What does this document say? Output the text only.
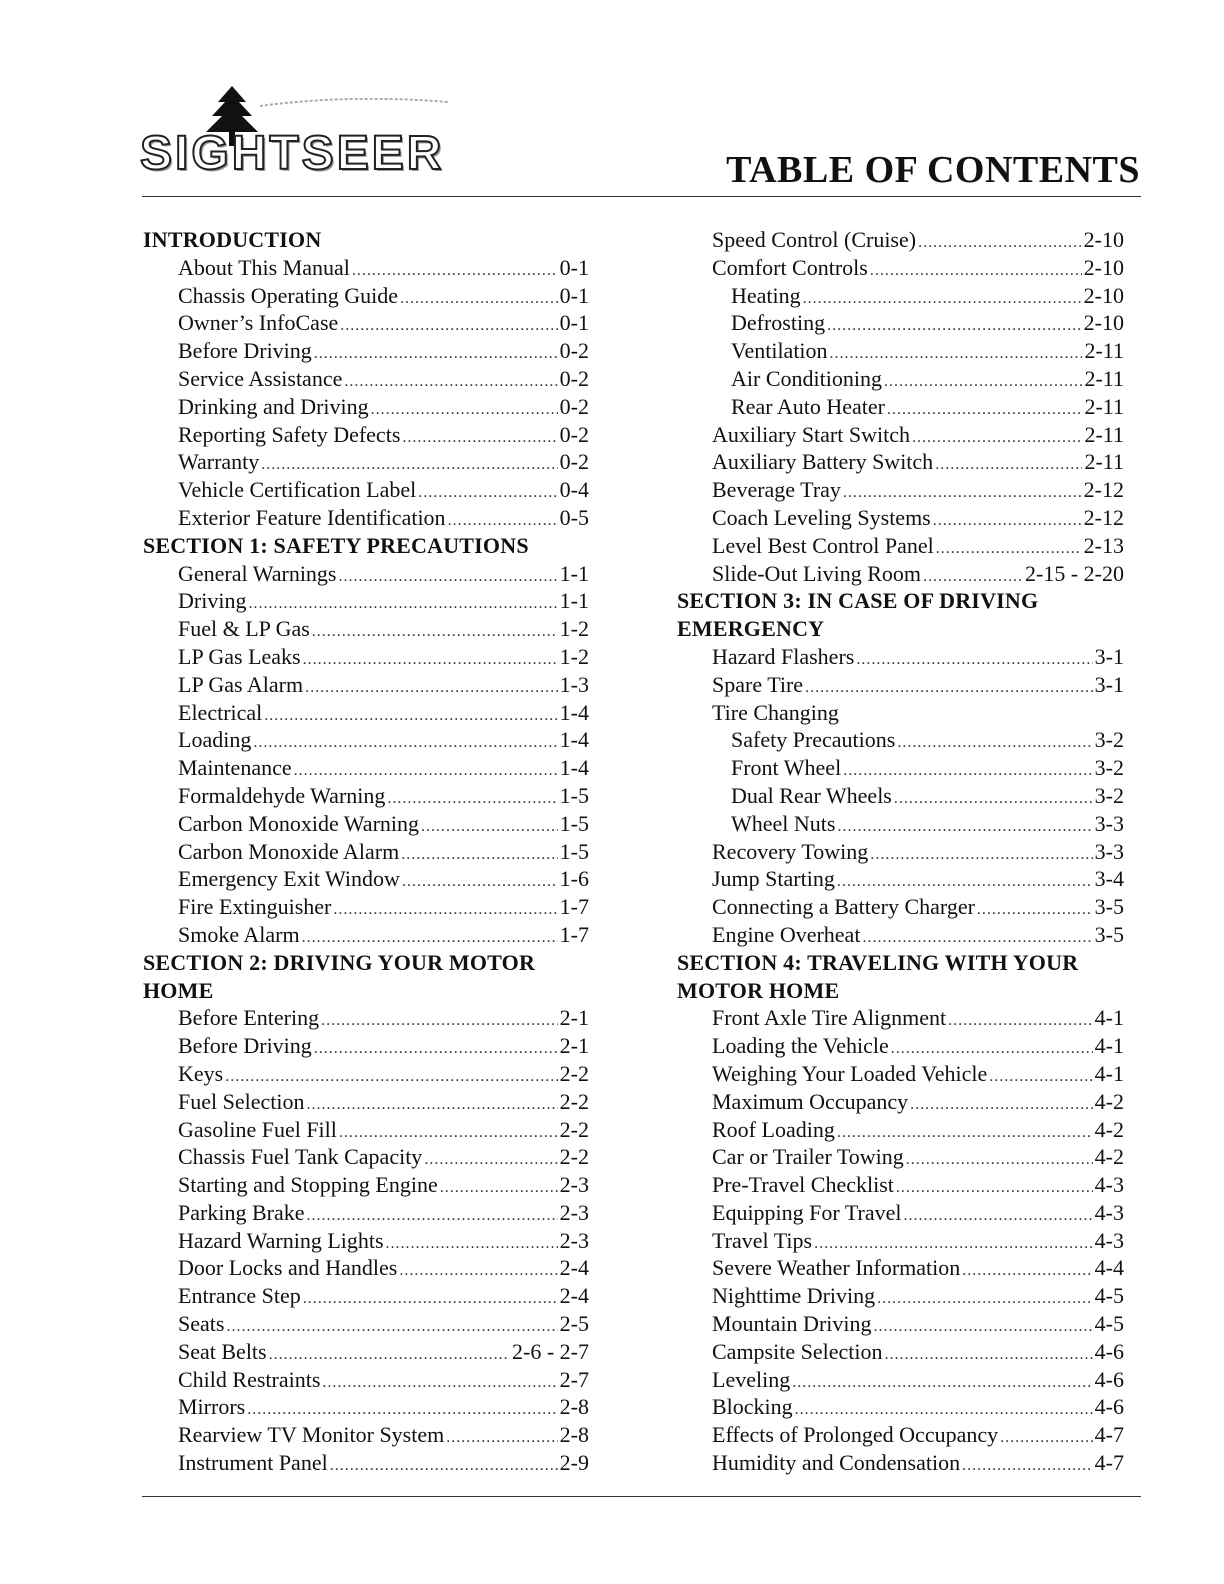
SIGHTSEER	TABLE OF CONTENTS
INTRODUCTION
About This Manual .....	0-1
Chassis Operating Guide .....	0-1
Owner’s InfoCase .....	0-1
Before Driving .....	0-2
Service Assistance .....	0-2
Drinking and Driving .....	0-2
Reporting Safety Defects .....	0-2
Warranty .....	0-2
Vehicle Certification Label .....	0-4
Exterior Feature Identification .....	0-5
SECTION 1: SAFETY PRECAUTIONS
General Warnings .....	1-1
Driving .....	1-1
Fuel & LP Gas .....	1-2
LP Gas Leaks .....	1-2
LP Gas Alarm .....	1-3
Electrical .....	1-4
Loading .....	1-4
Maintenance .....	1-4
Formaldehyde Warning .....	1-5
Carbon Monoxide Warning .....	1-5
Carbon Monoxide Alarm .....	1-5
Emergency Exit Window .....	1-6
Fire Extinguisher .....	1-7
Smoke Alarm .....	1-7
SECTION 2: DRIVING YOUR MOTOR
HOME
Before Entering .....	2-1
Before Driving .....	2-1
Keys .....	2-2
Fuel Selection .....	2-2
Gasoline Fuel Fill .....	2-2
Chassis Fuel Tank Capacity .....	2-2
Starting and Stopping Engine .....	2-3
Parking Brake .....	2-3
Hazard Warning Lights .....	2-3
Door Locks and Handles .....	2-4
Entrance Step .....	2-4
Seats .....	2-5
Seat Belts .....	2-6 - 2-7
Child Restraints .....	2-7
Mirrors .....	2-8
Rearview TV Monitor System .....	2-8
Instrument Panel .....	2-9
Speed Control (Cruise) .....	2-10
Comfort Controls .....	2-10
Heating .....	2-10
Defrosting .....	2-10
Ventilation .....	2-11
Air Conditioning .....	2-11
Rear Auto Heater .....	2-11
Auxiliary Start Switch .....	2-11
Auxiliary Battery Switch .....	2-11
Beverage Tray .....	2-12
Coach Leveling Systems .....	2-12
Level Best Control Panel .....	2-13
Slide-Out Living Room .....	2-15 - 2-20
SECTION 3: IN CASE OF DRIVING
EMERGENCY
Hazard Flashers .....	3-1
Spare Tire .....	3-1
Tire Changing
Safety Precautions .....	3-2
Front Wheel .....	3-2
Dual Rear Wheels .....	3-2
Wheel Nuts .....	3-3
Recovery Towing .....	3-3
Jump Starting .....	3-4
Connecting a Battery Charger .....	3-5
Engine Overheat .....	3-5
SECTION 4: TRAVELING WITH YOUR
MOTOR HOME
Front Axle Tire Alignment .....	4-1
Loading the Vehicle .....	4-1
Weighing Your Loaded Vehicle .....	4-1
Maximum Occupancy .....	4-2
Roof Loading .....	4-2
Car or Trailer Towing .....	4-2
Pre-Travel Checklist .....	4-3
Equipping For Travel .....	4-3
Travel Tips .....	4-3
Severe Weather Information .....	4-4
Nighttime Driving .....	4-5
Mountain Driving .....	4-5
Campsite Selection .....	4-6
Leveling .....	4-6
Blocking .....	4-6
Effects of Prolonged Occupancy .....	4-7
Humidity and Condensation .....	4-7
